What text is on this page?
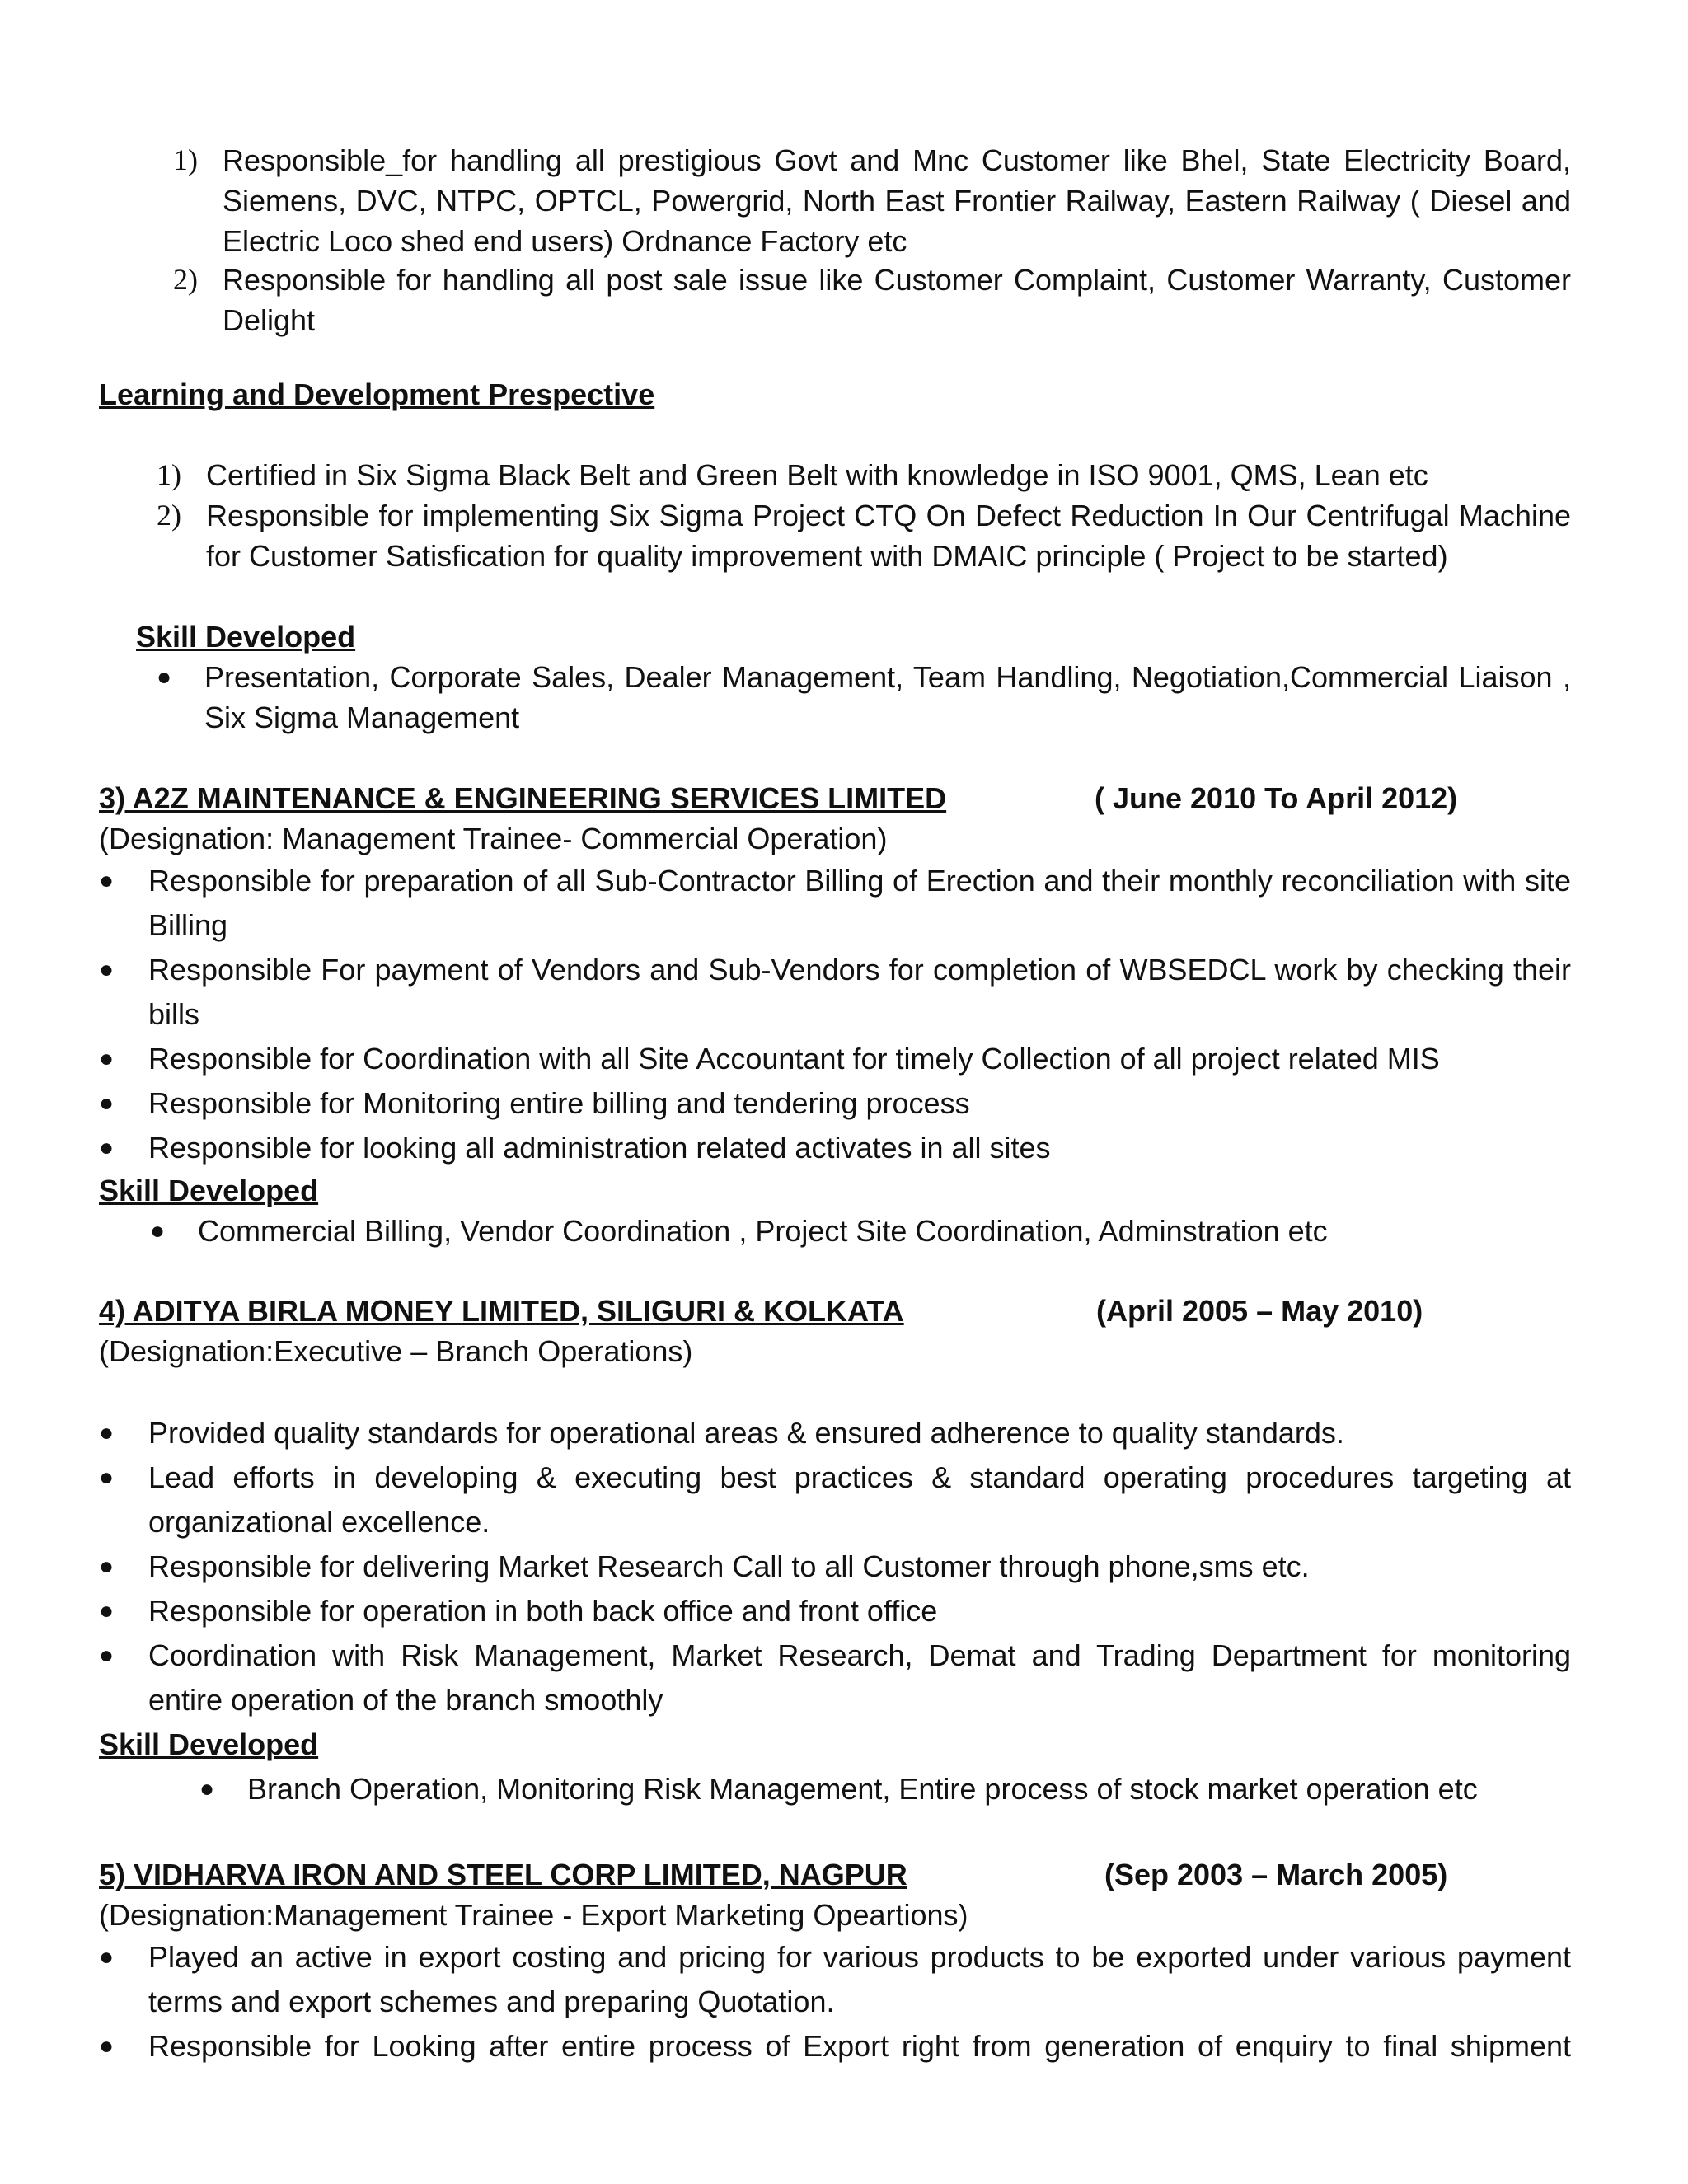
1) Responsible_for handling all prestigious Govt and Mnc Customer like Bhel, State Electricity Board, Siemens, DVC, NTPC, OPTCL, Powergrid, North East Frontier Railway, Eastern Railway ( Diesel and Electric Loco shed end users) Ordnance Factory etc
2) Responsible for handling all post sale issue like Customer Complaint, Customer Warranty, Customer Delight
Learning and Development Prespective
1) Certified in Six Sigma Black Belt and Green Belt with knowledge in ISO 9001, QMS, Lean etc
2) Responsible for implementing Six Sigma Project CTQ On Defect Reduction In Our Centrifugal Machine for Customer Satisfication for quality improvement with DMAIC principle ( Project to be started)
Skill Developed
● Presentation, Corporate Sales, Dealer Management, Team Handling, Negotiation,Commercial Liaison , Six Sigma Management
3) A2Z MAINTENANCE & ENGINEERING SERVICES LIMITED	( June 2010 To April 2012)
(Designation: Management Trainee- Commercial Operation)
● Responsible for preparation of all Sub-Contractor Billing of Erection and their monthly reconciliation with site Billing
● Responsible For payment of Vendors and Sub-Vendors for completion of WBSEDCL work by checking their bills
● Responsible for Coordination with all Site Accountant for timely Collection of all project related MIS
● Responsible for Monitoring entire billing and tendering process
● Responsible for looking all administration related activates in all sites
Skill Developed
● Commercial Billing, Vendor Coordination , Project Site Coordination, Adminstration etc
4) ADITYA BIRLA MONEY LIMITED, SILIGURI & KOLKATA	(April 2005 – May 2010)
(Designation:Executive – Branch Operations)
● Provided quality standards for operational areas & ensured adherence to quality standards.
● Lead efforts in developing & executing best practices & standard operating procedures targeting at organizational excellence.
● Responsible for delivering Market Research Call to all Customer through phone,sms etc.
● Responsible for operation in both back office and front office
● Coordination with Risk Management, Market Research, Demat and Trading Department for monitoring entire operation of the branch smoothly
Skill Developed
● Branch Operation, Monitoring Risk Management, Entire process of stock market operation etc
5) VIDHARVA IRON AND STEEL CORP LIMITED, NAGPUR	(Sep 2003 – March 2005)
(Designation:Management Trainee - Export Marketing Opeartions)
● Played an active in export costing and pricing for various products to be exported under various payment terms and export schemes and preparing Quotation.
● Responsible for Looking after entire process of Export right from generation of enquiry to final shipment
